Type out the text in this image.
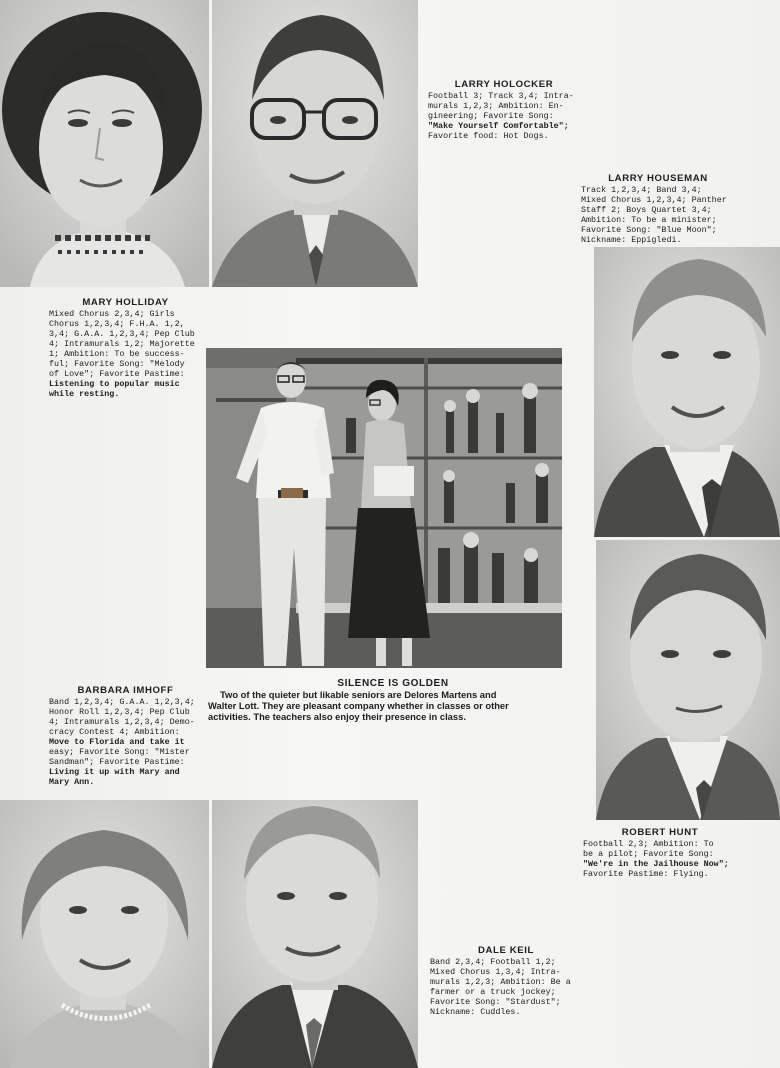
LARRY HOLOCKER
Football 3; Track 3,4; Intra-
murals 1,2,3; Ambition: En-
gineering; Favorite Song:
"Make Yourself Comfortable";
Favorite food: Hot Dogs.
LARRY HOUSEMAN
Track 1,2,3,4; Band 3,4;
Mixed Chorus 1,2,3,4; Panther
Staff 2; Boys Quartet 3,4;
Ambition: To be a minister;
Favorite Song: "Blue Moon";
Nickname: Eppigledi.
MARY HOLLIDAY
Mixed Chorus 2,3,4; Girls
Chorus 1,2,3,4; F.H.A. 1,2,
3,4; G.A.A. 1,2,3,4; Pep Club
4; Intramurals 1,2; Majorette
1; Ambition: To be success-
ful; Favorite Song: "Melody
of Love"; Favorite Pastime:
Listening to popular music
while resting.
SILENCE IS GOLDEN
Two of the quieter but likable seniors are Delores Martens and
Walter Lott. They are pleasant company whether in classes or other
activities. The teachers also enjoy their presence in class.
BARBARA IMHOFF
Band 1,2,3,4; G.A.A. 1,2,3,4;
Honor Roll 1,2,3,4; Pep Club
4; Intramurals 1,2,3,4; Demo-
cracy Contest 4; Ambition:
Move to Florida and take it
easy; Favorite Song: "Mister
Sandman"; Favorite Pastime:
Living it up with Mary and
Mary Ann.
ROBERT HUNT
Football 2,3; Ambition: To
be a pilot; Favorite Song:
"We're in the Jailhouse Now";
Favorite Pastime: Flying.
DALE KEIL
Band 2,3,4; Football 1,2;
Mixed Chorus 1,3,4; Intra-
murals 1,2,3; Ambition: Be a
farmer or a truck jockey;
Favorite Song: "Stardust";
Nickname: Cuddles.
